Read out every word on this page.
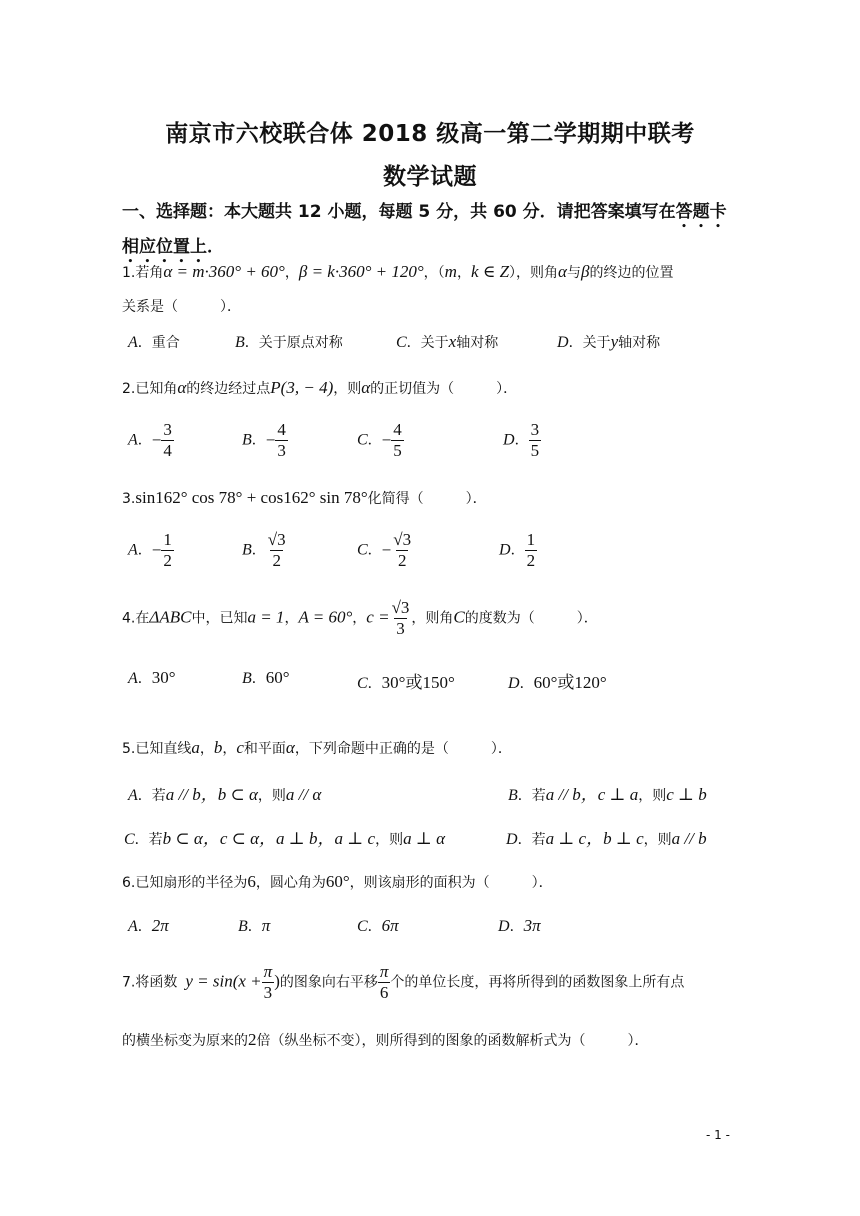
南京市六校联合体 2018 级高一第二学期期中联考
数学试题
一、选择题：本大题共 12 小题，每题 5 分，共 60 分．请把答案填写在答题卡相应位置上．
1.若角α = m·360° + 60°，β = k·360° + 120°，（m，k ∈ Z），则角α与β的终边的位置
关系是（　　　）．
A．重合	B．关于原点对称	C．关于x轴对称	D．关于y轴对称
2.已知角α的终边经过点P(3, − 4)，则α的正切值为（　　　）．
A．− $\frac{3}{4}$	B．− $\frac{4}{3}$	C．− $\frac{4}{5}$	D． $\frac{3}{5}$
3.sin162° cos 78° + cos162° sin 78°化简得（　　　）．
A．− $\frac{1}{2}$	B． $\frac{√3}{2}$	C．− $\frac{√3}{2}$	D． $\frac{1}{2}$
4.在ΔABC中，已知a = 1，A = 60°，$c = \frac{√3}{3}$ ，则角C的度数为（　　　）．
A．30°	B．60°	C．30°或150°	D．60°或120°
5.已知直线a，b，c和平面α，下列命题中正确的是（　　　）．
A．若a // b，b ⊂ α，则a // α	B．若a // b，c ⊥ a，则c ⊥ b
C．若b ⊂ α，c ⊂ α，a ⊥ b，a ⊥ c，则a ⊥ α	D．若a ⊥ c，b ⊥ c，则a // b
6.已知扇形的半径为6，圆心角为60°，则该扇形的面积为（　　　）．
A．2π	B．π	C．6π	D．3π
7.将函数 $y = \sin(x + \frac{\pi}{3}$ )的图象向右平移 $\frac{\pi}{6}$ 个的单位长度，再将所得到的函数图象上所有点
的横坐标变为原来的2倍（纵坐标不变），则所得到的图象的函数解析式为（　　　）．
- 1 -
